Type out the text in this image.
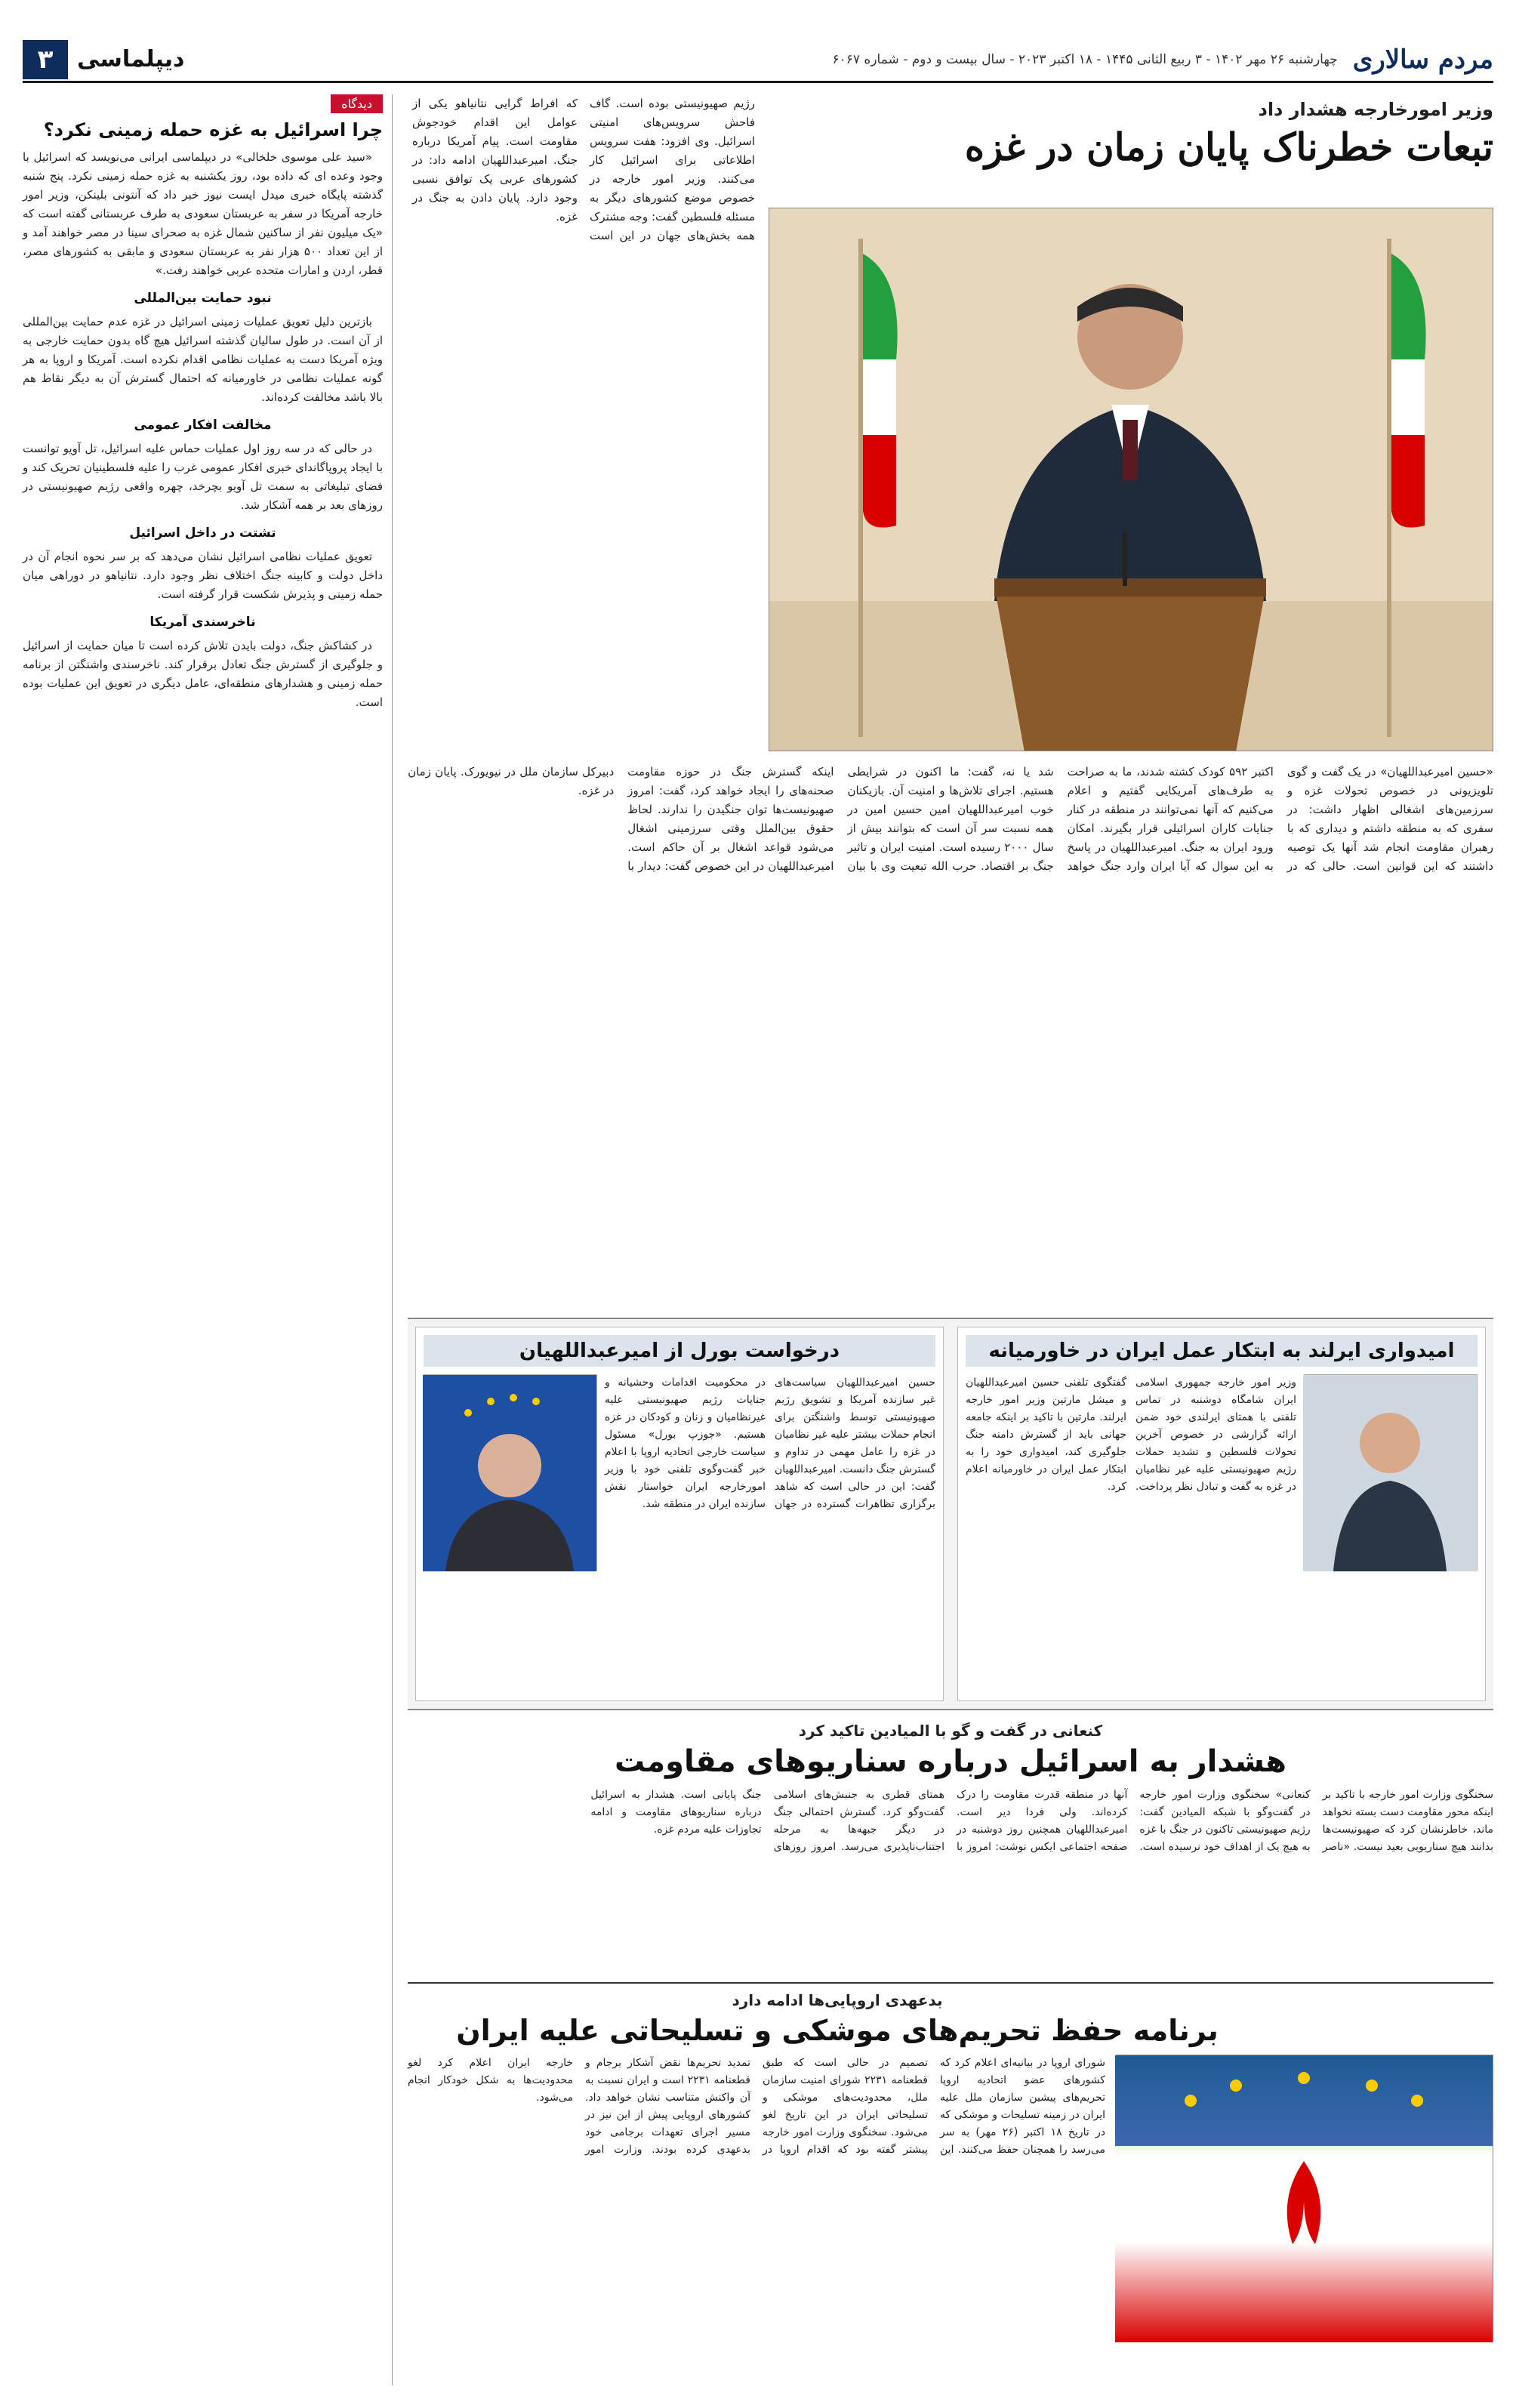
مردم سالاری
چهارشنبه ۲۶ مهر ۱۴۰۲ - ۳ ربیع الثانی ۱۴۴۵ - ۱۸ اکتبر ۲۰۲۳ - سال بیست و دوم - شماره ۶۰۶۷
دیپلماسی
۳
دیدگاه
چرا اسرائیل به غزه حمله زمینی نکرد؟

«سید علی موسوی خلخالی» در دیپلماسی ایرانی می‌نویسد که اسرائیل با وجود وعده ای که داده بود، روز یکشنبه به غزه حمله زمینی نکرد. پنج شنبه گذشته پایگاه خبری میدل ایست نیوز خبر داد که آنتونی بلینکن، وزیر امور خارجه آمریکا در سفر به عربستان سعودی به طرف عربستانی گفته است که «یک میلیون نفر از ساکنین شمال غزه به صحرای سینا در مصر خواهند آمد و از این تعداد ۵۰۰ هزار نفر به عربستان سعودی و مابقی به کشورهای مصر، قطر، اردن و امارات متحده عربی خواهند رفت.»

نبود حمایت بین‌المللی

بازترین دلیل تعویق عملیات زمینی اسرائیل در غزه عدم حمایت بین‌المللی از آن است. در طول سالیان گذشته اسرائیل هیچ گاه بدون حمایت خارجی به ویژه آمریکا دست به عملیات نظامی اقدام نکرده است. آمریکا و اروپا به هر گونه عملیات نظامی در خاورمیانه که احتمال گسترش آن به دیگر نقاط هم بالا باشد مخالفت کرده‌اند.

مخالفت افکار عمومی

در حالی که در سه روز اول عملیات حماس علیه اسرائیل، تل آویو توانست با ایجاد پروپاگاندای خبری افکار عمومی غرب را علیه فلسطینیان تحریک کند و فضای تبلیغاتی به سمت تل آویو بچرخد، چهره واقعی رژیم صهیونیستی در روزهای بعد بر همه آشکار شد.

تشتت در داخل اسرائیل

تعویق عملیات نظامی اسرائیل نشان می‌دهد که بر سر نحوه انجام آن در داخل دولت و کابینه جنگ اختلاف نظر وجود دارد. نتانیاهو در دوراهی میان حمله زمینی و پذیرش شکست قرار گرفته است.

ناخرسندی آمریکا

در کشاکش جنگ، دولت بایدن تلاش کرده است تا میان حمایت از اسرائیل و جلوگیری از گسترش جنگ تعادل برقرار کند. ناخرسندی واشنگتن از برنامه حمله زمینی و هشدارهای منطقه‌ای، عامل دیگری در تعویق این عملیات بوده است.

وزیر امورخارجه هشدار داد
تبعات خطرناک پایان زمان در غزه
رژیم صهیونیستی بوده است. گاف فاحش سرویس‌های امنیتی اسرائیل. وی افزود: هفت سرویس اطلاعاتی برای اسرائیل کار می‌کنند. وزیر امور خارجه در خصوص موضع کشورهای دیگر به مسئله فلسطین گفت: وجه مشترک همه بخش‌های جهان در این است که افراط گرایی نتانیاهو یکی از عوامل این اقدام خودجوش مقاومت است. پیام آمریکا درباره جنگ. امیرعبداللهیان ادامه داد: در کشورهای عربی یک توافق نسبی وجود دارد. پایان دادن به جنگ در غزه.
«حسین امیرعبداللهیان» در یک گفت و گوی تلویزیونی در خصوص تحولات غزه و سرزمین‌های اشغالی اظهار داشت: در سفری که به منطقه داشتم و دیداری که با رهبران مقاومت انجام شد آنها یک توصیه داشتند که این قوانین است. حالی که در اکتبر ۵۹۲ کودک کشته شدند، ما به صراحت به طرف‌های آمریکایی گفتیم و اعلام می‌کنیم که آنها نمی‌توانند در منطقه در کنار جنایات کاران اسرائیلی قرار بگیرند. امکان ورود ایران به جنگ. امیرعبداللهیان در پاسخ به این سوال که آیا ایران وارد جنگ خواهد شد یا نه، گفت: ما اکنون در شرایطی هستیم. اجرای تلاش‌ها و امنیت آن. بازیکنان خوب امیرعبداللهیان امین حسین امین در همه نسبت سر آن است که بتوانند بیش از سال ۲۰۰۰ رسیده است. امنیت ایران و تاثیر جنگ بر اقتصاد. حرب الله تبعیت وی با بیان اینکه گسترش جنگ در حوزه مقاومت صحنه‌های را ایجاد خواهد کرد، گفت: امروز صهیونیست‌ها توان جنگیدن را ندارند. لحاظ حقوق بین‌الملل وقتی سرزمینی اشغال می‌شود قواعد اشغال بر آن حاکم است. امیرعبداللهیان در این خصوص گفت: دیدار با دبیرکل سازمان ملل در نیویورک. پایان زمان در غزه.
امیدواری ایرلند به ابتکار عمل ایران در خاورمیانه
وزیر امور خارجه جمهوری اسلامی ایران شامگاه دوشنبه در تماس تلفنی با همتای ایرلندی خود ضمن ارائه گزارشی در خصوص آخرین تحولات فلسطین و تشدید حملات رژیم صهیونیستی علیه غیر نظامیان در غزه به گفت و تبادل نظر پرداخت. گفتگوی تلفنی حسین امیرعبداللهیان و میشل مارتین وزیر امور خارجه ایرلند. مارتین با تاکید بر اینکه جامعه جهانی باید از گسترش دامنه جنگ جلوگیری کند، امیدواری خود را به ابتکار عمل ایران در خاورمیانه اعلام کرد.
درخواست بورل از امیرعبداللهیان
حسین امیرعبداللهیان سیاست‌های غیر سازنده آمریکا و تشویق رژیم صهیونیستی توسط واشنگتن برای انجام حملات بیشتر علیه غیر نظامیان در غزه را عامل مهمی در تداوم و گسترش جنگ دانست. امیرعبداللهیان گفت: این در حالی است که شاهد برگزاری تظاهرات گسترده در جهان در محکومیت اقدامات وحشیانه و جنایات رژیم صهیونیستی علیه غیرنظامیان و زنان و کودکان در غزه هستیم. «جوزپ بورل» مسئول سیاست خارجی اتحادیه اروپا با اعلام خبر گفت‌وگوی تلفنی خود با وزیر امورخارجه ایران خواستار نقش سازنده ایران در منطقه شد.
کنعانی در گفت و گو با المیادین تاکید کرد
هشدار به اسرائیل درباره سناریوهای مقاومت
سخنگوی وزارت امور خارجه با تاکید بر اینکه محور مقاومت دست بسته نخواهد ماند، خاطرنشان کرد که صهیونیست‌ها بدانند هیچ سناریویی بعید نیست. «ناصر کنعانی» سخنگوی وزارت امور خارجه در گفت‌وگو با شبکه المیادین گفت: رژیم صهیونیستی تاکنون در جنگ با غزه به هیچ یک از اهداف خود نرسیده است. آنها در منطقه قدرت مقاومت را درک کرده‌اند. ولی فردا دیر است. امیرعبداللهیان همچنین روز دوشنبه در صفحه اجتماعی ایکس نوشت: امروز با همتای قطری به جنبش‌های اسلامی گفت‌وگو کرد. گسترش احتمالی جنگ در دیگر جبهه‌ها به مرحله اجتناب‌ناپذیری می‌رسد. امروز روزهای جنگ پایانی است. هشدار به اسرائیل درباره سناریوهای مقاومت و ادامه تجاوزات علیه مردم غزه.
بدعهدی اروپایی‌ها ادامه دارد
برنامه حفظ تحریم‌های موشکی و تسلیحاتی علیه ایران
شورای اروپا در بیانیه‌ای اعلام کرد که کشورهای عضو اتحادیه اروپا تحریم‌های پیشین سازمان ملل علیه ایران در زمینه تسلیحات و موشکی که در تاریخ ۱۸ اکتبر (۲۶ مهر) به سر می‌رسد را همچنان حفظ می‌کنند. این تصمیم در حالی است که طبق قطعنامه ۲۲۳۱ شورای امنیت سازمان ملل، محدودیت‌های موشکی و تسلیحاتی ایران در این تاریخ لغو می‌شود. سخنگوی وزارت امور خارجه پیشتر گفته بود که اقدام اروپا در تمدید تحریم‌ها نقض آشکار برجام و قطعنامه ۲۲۳۱ است و ایران نسبت به آن واکنش متناسب نشان خواهد داد. کشورهای اروپایی پیش از این نیز در مسیر اجرای تعهدات برجامی خود بدعهدی کرده بودند. وزارت امور خارجه ایران اعلام کرد لغو محدودیت‌ها به شکل خودکار انجام می‌شود.
